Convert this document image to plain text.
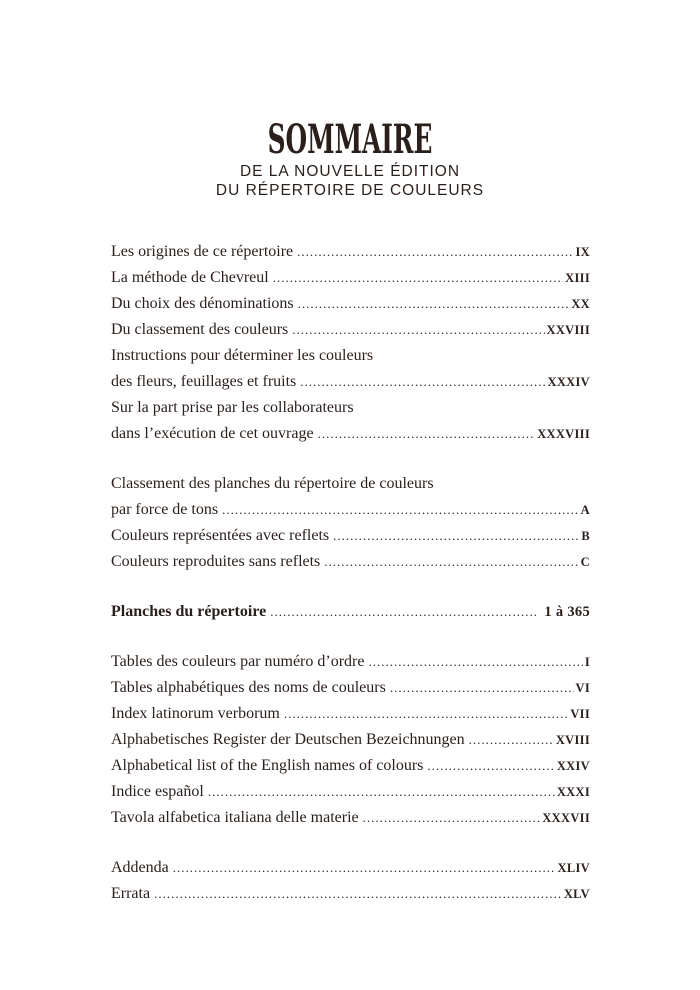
SOMMAIRE
DE LA NOUVELLE ÉDITION
DU RÉPERTOIRE DE COULEURS
Les origines de ce répertoire .....	IX
La méthode de Chevreul .....	XIII
Du choix des dénominations .....	XX
Du classement des couleurs .....	XXVIII
Instructions pour déterminer les couleurs
des fleurs, feuillages et fruits .....	XXXIV
Sur la part prise par les collaborateurs
dans l’exécution de cet ouvrage .....	XXXVIII
Classement des planches du répertoire de couleurs
par force de tons .....	A
Couleurs représentées avec reflets .....	B
Couleurs reproduites sans reflets .....	C
Planches du répertoire .....	1 à 365
Tables des couleurs par numéro d’ordre .....	I
Tables alphabétiques des noms de couleurs .....	VI
Index latinorum verborum .....	VII
Alphabetisches Register der Deutschen Bezeichnungen .....	XVIII
Alphabetical list of the English names of colours .....	XXIV
Indice español .....	XXXI
Tavola alfabetica italiana delle materie .....	XXXVII
Addenda .....	XLIV
Errata .....	XLV
